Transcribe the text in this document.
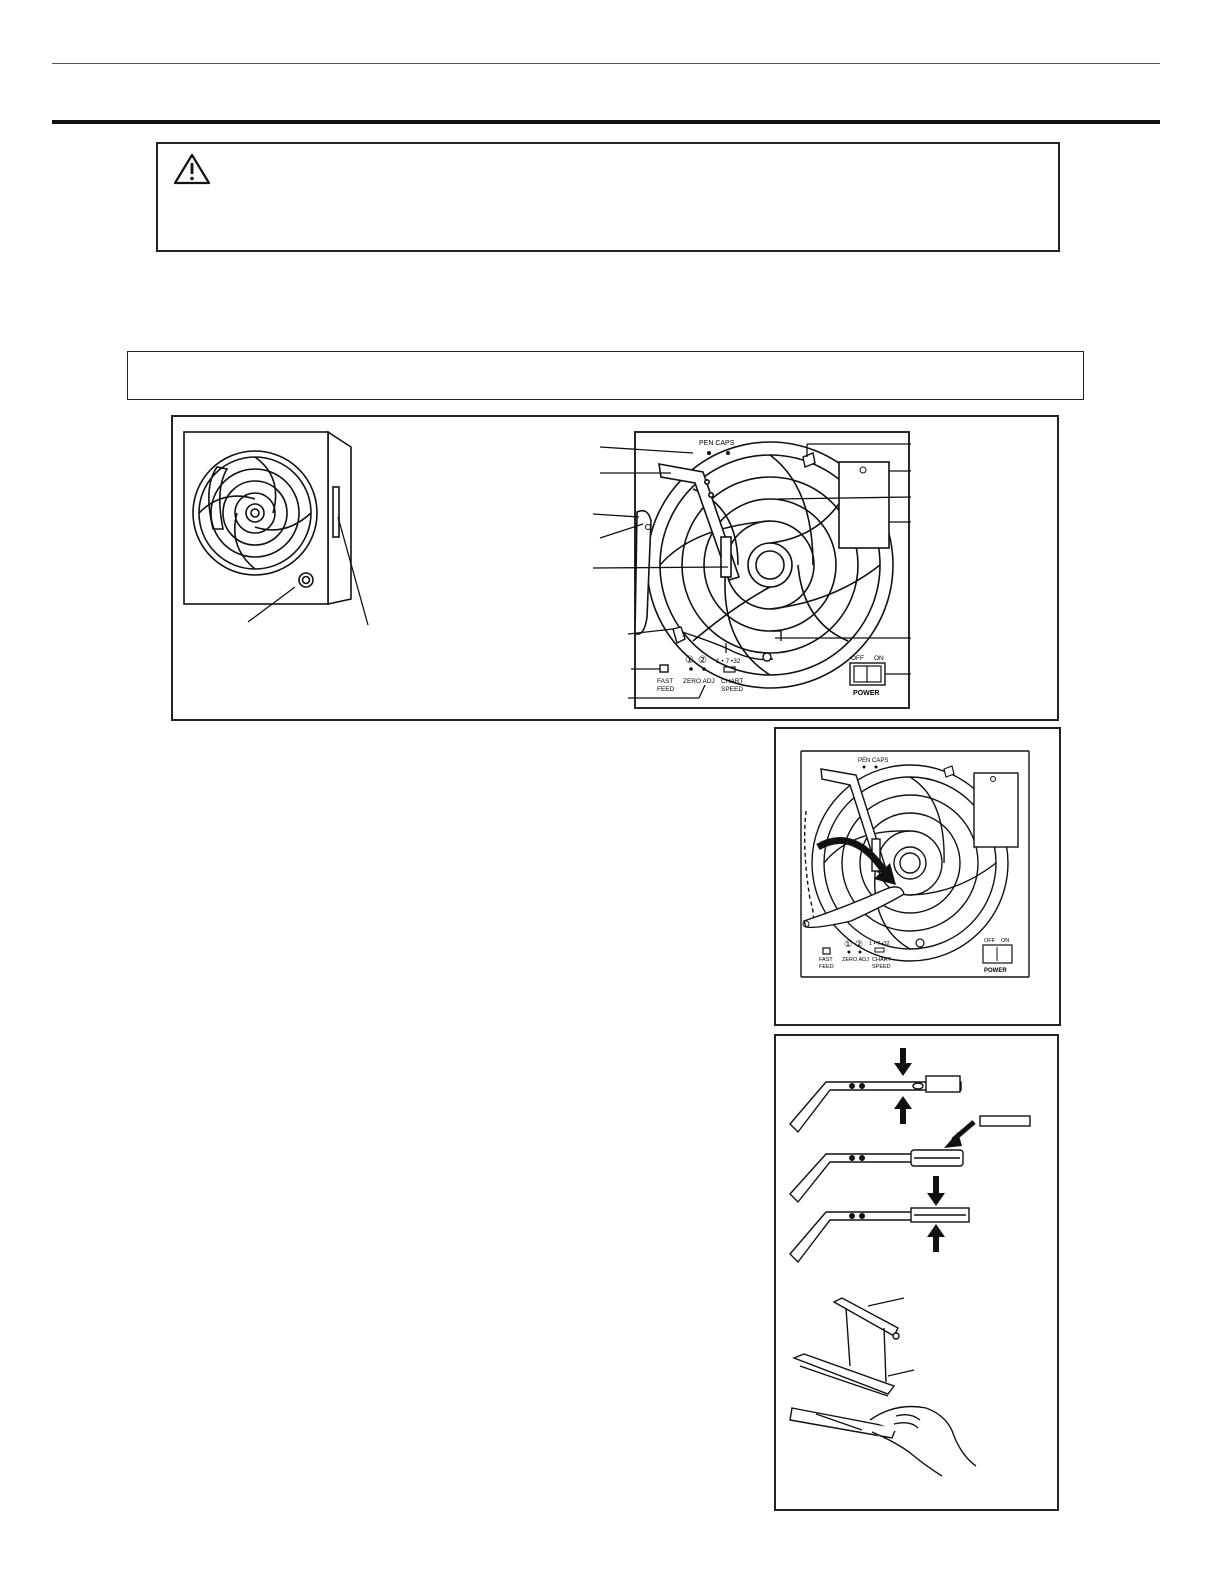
PEN CAPS
FAST
FEED
① ②
ZERO ADJ
1 • 7 •32
CHART
SPEED
OFF ON
POWER
PEN CAPS
FAST
FEED
① ②
ZERO ADJ
1 • 7 •32
CHART
SPEED
OFF ON
POWER
